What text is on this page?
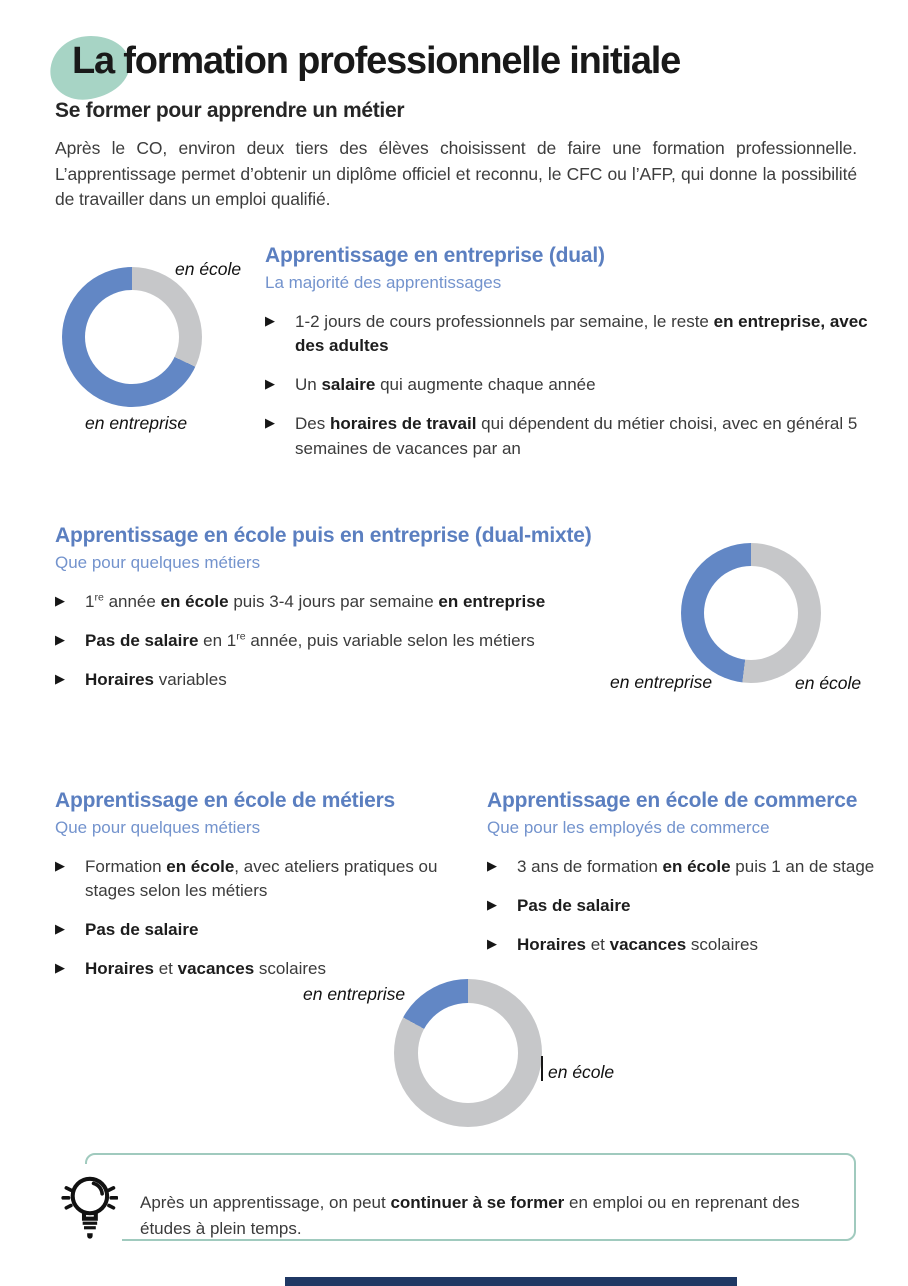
La formation professionnelle initiale
Se former pour apprendre un métier

Après le CO, environ deux tiers des élèves choisissent de faire une formation professionnelle. L’apprentissage permet d’obtenir un diplôme officiel et reconnu, le CFC ou l’AFP, qui donne la possibilité de travailler dans un emploi qualifié.

Apprentissage en entreprise (dual)
La majorité des apprentissages
▶	1-2 jours de cours professionnels par semaine, le reste en entreprise, avec des adultes
▶	Un salaire qui augmente chaque année
▶	Des horaires de travail qui dépendent du métier choisi, avec en général 5 semaines de vacances par an
en école
en entreprise
Apprentissage en école puis en entreprise (dual-mixte)
Que pour quelques métiers
▶	1re année en école puis 3-4 jours par semaine en entreprise
▶	Pas de salaire en 1re année, puis variable selon les métiers
▶	Horaires variables	en entreprise	en école
Apprentissage en école de métiers
Que pour quelques métiers
▶	Formation en école, avec ateliers pratiques ou stages selon les métiers
▶	Pas de salaire
▶	Horaires et vacances scolaires
Apprentissage en école de commerce
Que pour les employés de commerce
▶	3 ans de formation en école puis 1 an de stage
▶	Pas de salaire
▶	Horaires et vacances scolaires
en entreprise
en école

Après un apprentissage, on peut continuer à se former en emploi ou en reprenant des études à plein temps.
